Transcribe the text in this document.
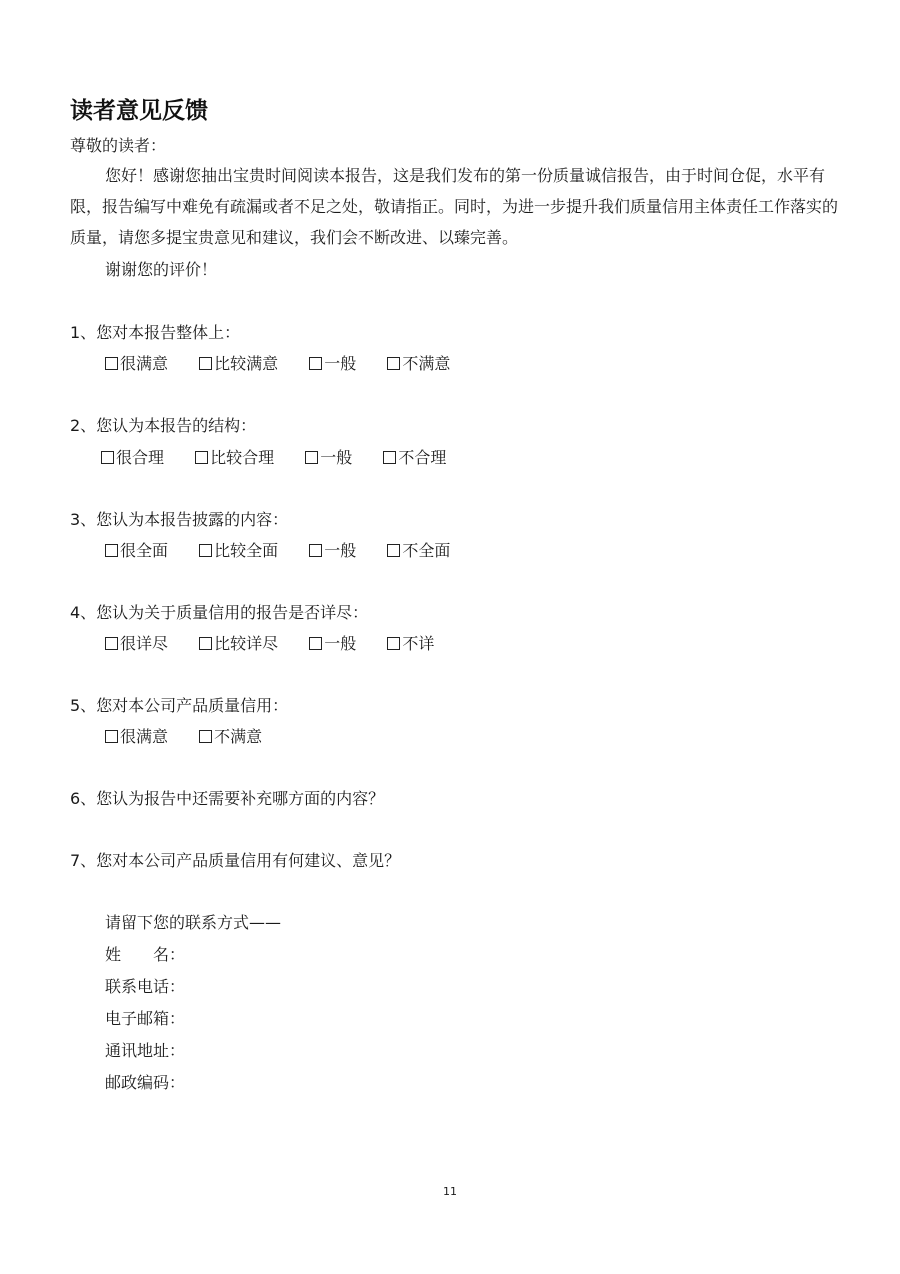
读者意见反馈
尊敬的读者：
您好！感谢您抽出宝贵时间阅读本报告，这是我们发布的第一份质量诚信报告，由于时间仓促，水平有限，报告编写中难免有疏漏或者不足之处，敬请指正。同时，为进一步提升我们质量信用主体责任工作落实的质量，请您多提宝贵意见和建议，我们会不断改进、以臻完善。
谢谢您的评价！
1、您对本报告整体上：
很满意	比较满意	一般	不满意
2、您认为本报告的结构：
很合理	比较合理	一般	不合理
3、您认为本报告披露的内容：
很全面	比较全面	一般	不全面
4、您认为关于质量信用的报告是否详尽：
很详尽	比较详尽	一般	不详
5、您对本公司产品质量信用：
很满意	不满意
6、您认为报告中还需要补充哪方面的内容？
7、您对本公司产品质量信用有何建议、意见？
请留下您的联系方式——
姓　　名：
联系电话：
电子邮箱：
通讯地址：
邮政编码：
11
